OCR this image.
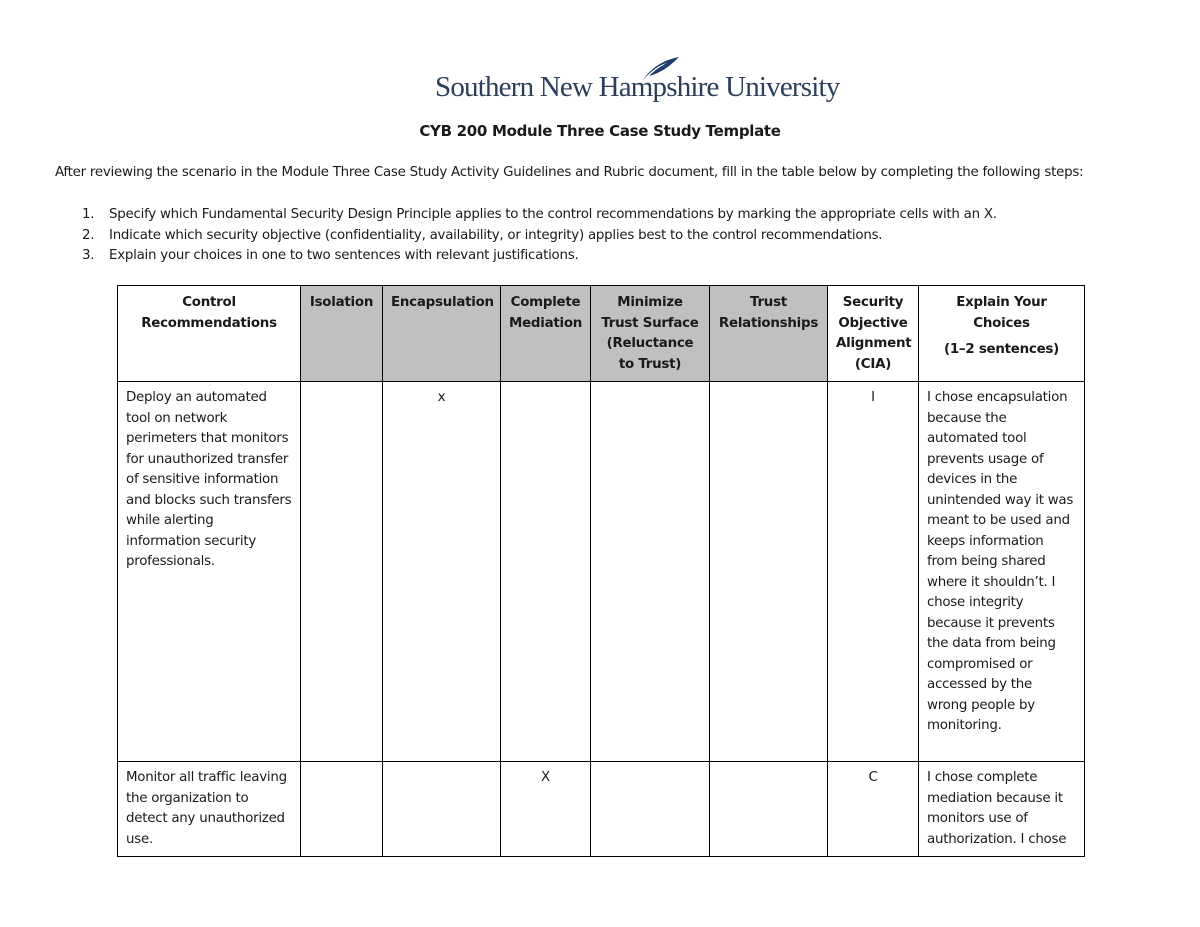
Southern New Hampshire University
CYB 200 Module Three Case Study Template

After reviewing the scenario in the Module Three Case Study Activity Guidelines and Rubric document, fill in the table below by completing the following steps:

1. Specify which Fundamental Security Design Principle applies to the control recommendations by marking the appropriate cells with an X.
2. Indicate which security objective (confidentiality, availability, or integrity) applies best to the control recommendations.
3. Explain your choices in one to two sentences with relevant justifications.
Control Recommendations	Isolation	Encapsulation	Complete Mediation	Minimize Trust Surface (Reluctance to Trust)	Trust Relationships	Security Objective Alignment (CIA)	Explain Your Choices
(1–2 sentences)

Deploy an automated tool on network perimeters that monitors for unauthorized transfer of sensitive information and blocks such transfers while alerting information security professionals.		x				I	I chose encapsulation because the automated tool prevents usage of devices in the unintended way it was meant to be used and keeps information from being shared where it shouldn’t. I chose integrity because it prevents the data from being compromised or accessed by the wrong people by monitoring.
Monitor all traffic leaving the organization to detect any unauthorized use.			X			C	I chose complete mediation because it monitors use of authorization. I chose
